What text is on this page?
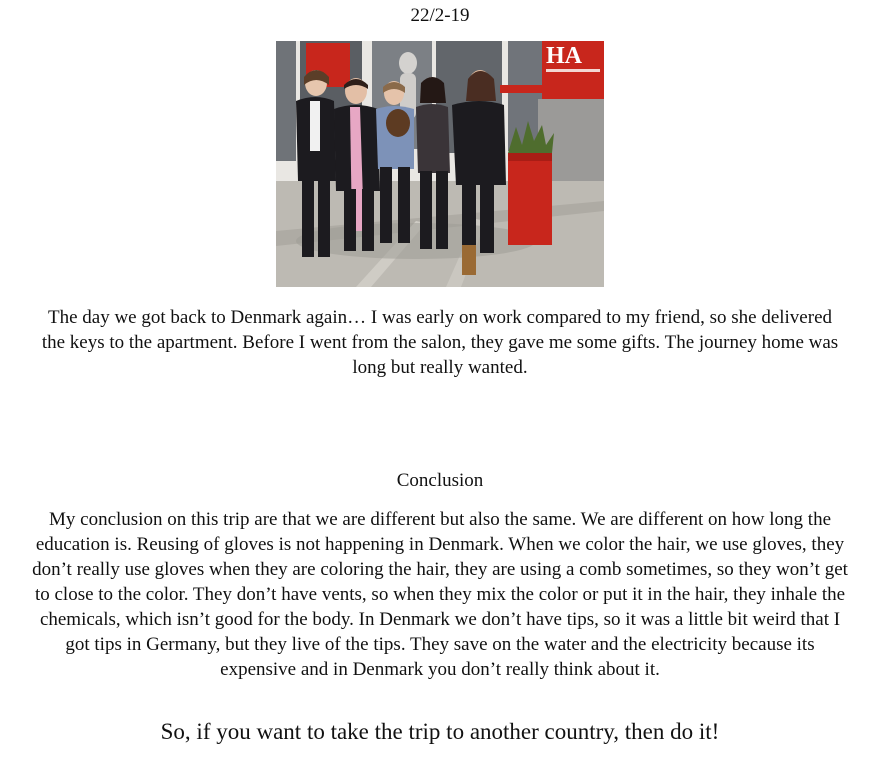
22/2-19
HA
The day we got back to Denmark again… I was early on work compared to my friend, so she delivered the keys to the apartment. Before I went from the salon, they gave me some gifts. The journey home was long but really wanted.
Conclusion
My conclusion on this trip are that we are different but also the same. We are different on how long the education is. Reusing of gloves is not happening in Denmark. When we color the hair, we use gloves, they don’t really use gloves when they are coloring the hair, they are using a comb sometimes, so they won’t get to close to the color. They don’t have vents, so when they mix the color or put it in the hair, they inhale the chemicals, which isn’t good for the body. In Denmark we don’t have tips, so it was a little bit weird that I got tips in Germany, but they live of the tips. They save on the water and the electricity because its expensive and in Denmark you don’t really think about it.
So, if you want to take the trip to another country, then do it!
